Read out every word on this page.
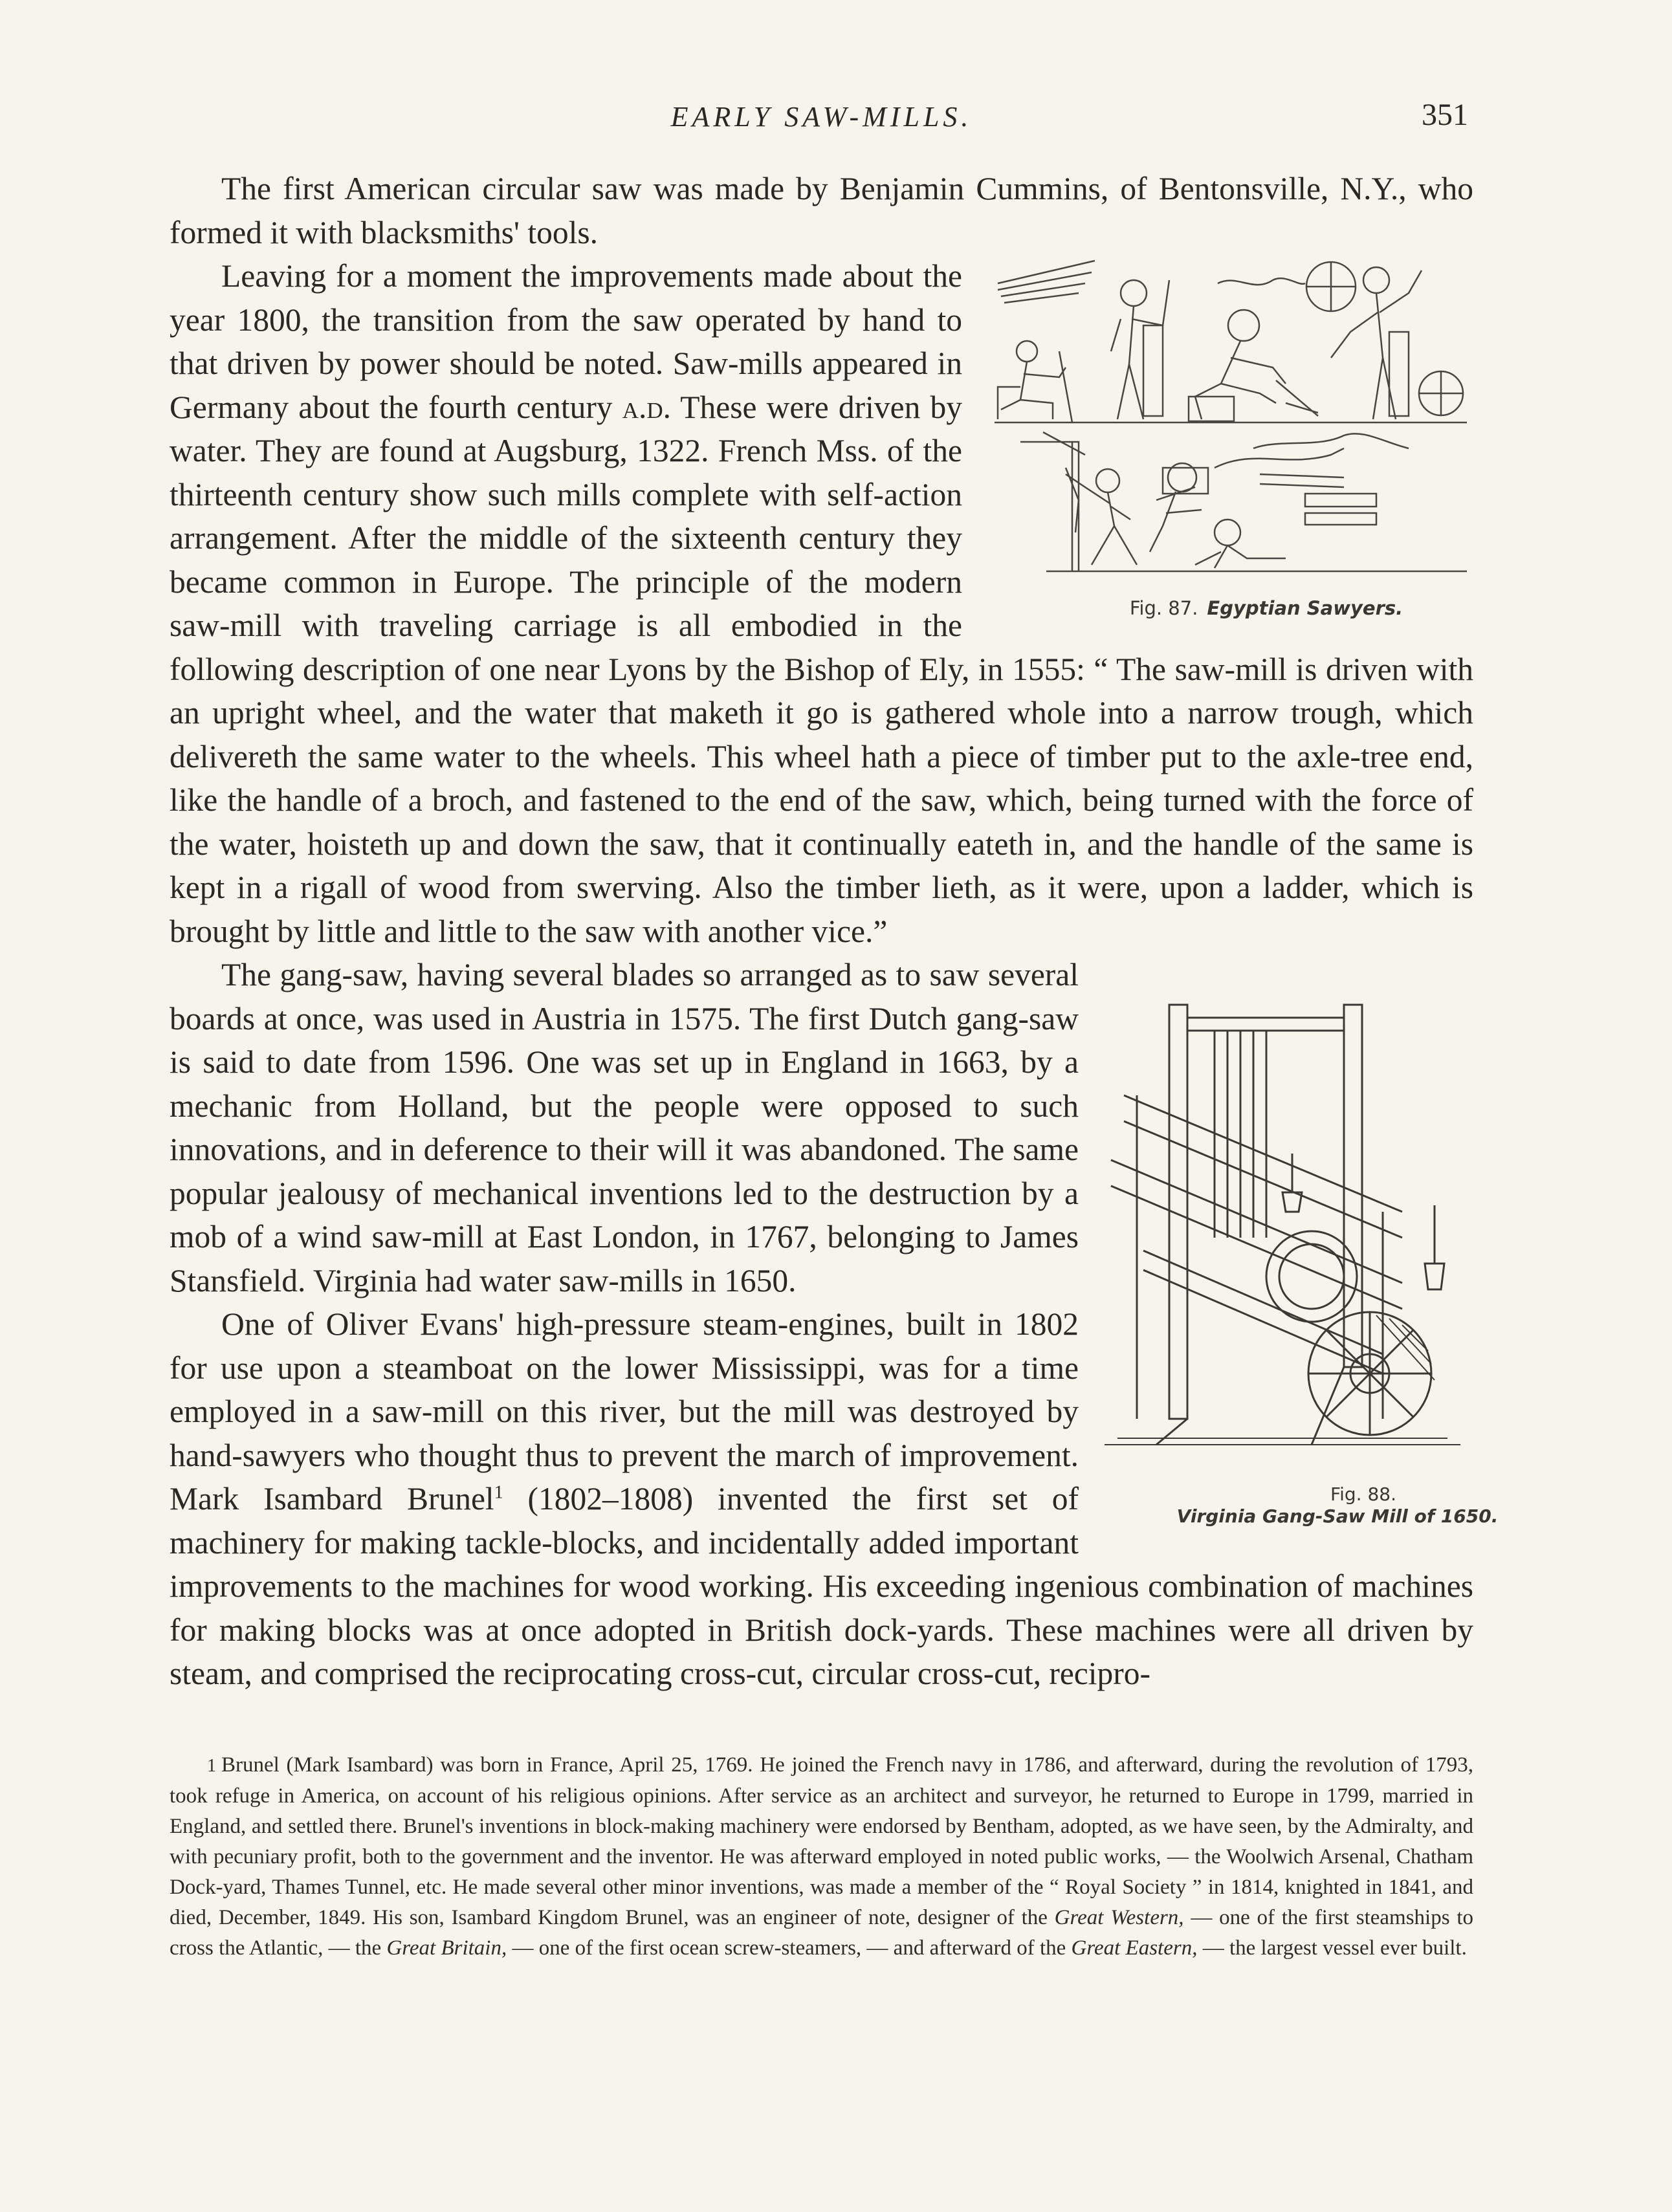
EARLY SAW-MILLS.	351

The first American circular saw was made by Benjamin Cummins, of Bentonsville, N.Y., who formed it with blacksmiths' tools.

Fig. 87. Egyptian Sawyers.
Leaving for a moment the improvements made about the year 1800, the transition from the saw operated by hand to that driven by power should be noted. Saw-mills appeared in Germany about the fourth century a.d. These were driven by water. They are found at Augsburg, 1322. French Mss. of the thirteenth century show such mills complete with self-action arrangement. After the middle of the sixteenth century they became common in Europe. The principle of the modern saw-mill with traveling carriage is all embodied in the following description of one near Lyons by the Bishop of Ely, in 1555: “ The saw-mill is driven with an upright wheel, and the water that maketh it go is gathered whole into a narrow trough, which delivereth the same water to the wheels. This wheel hath a piece of timber put to the axle-tree end, like the handle of a broch, and fastened to the end of the saw, which, being turned with the force of the water, hoisteth up and down the saw, that it continually eateth in, and the handle of the same is kept in a rigall of wood from swerving. Also the timber lieth, as it were, upon a ladder, which is brought by little and little to the saw with another vice.”

Fig. 88.
Virginia Gang-Saw Mill of 1650.
The gang-saw, having several blades so arranged as to saw several boards at once, was used in Austria in 1575. The first Dutch gang-saw is said to date from 1596. One was set up in England in 1663, by a mechanic from Holland, but the people were opposed to such innovations, and in deference to their will it was abandoned. The same popular jealousy of mechanical inventions led to the destruction by a mob of a wind saw-mill at East London, in 1767, belonging to James Stansfield. Virginia had water saw-mills in 1650.

One of Oliver Evans' high-pressure steam-engines, built in 1802 for use upon a steamboat on the lower Mississippi, was for a time employed in a saw-mill on this river, but the mill was destroyed by hand-sawyers who thought thus to prevent the march of improvement. Mark Isambard Brunel$^1$ (1802–1808) invented the first set of machinery for making tackle-blocks, and incidentally added important improvements to the machines for wood working. His exceeding ingenious combination of machines for making blocks was at once adopted in British dock-yards. These machines were all driven by steam, and comprised the reciprocating cross-cut, circular cross-cut, recipro-

1 Brunel (Mark Isambard) was born in France, April 25, 1769. He joined the French navy in 1786, and afterward, during the revolution of 1793, took refuge in America, on account of his religious opinions. After service as an architect and surveyor, he returned to Europe in 1799, married in England, and settled there. Brunel's inventions in block-making machinery were endorsed by Bentham, adopted, as we have seen, by the Admiralty, and with pecuniary profit, both to the government and the inventor. He was afterward employed in noted public works, — the Woolwich Arsenal, Chatham Dock-yard, Thames Tunnel, etc. He made several other minor inventions, was made a member of the “ Royal Society ” in 1814, knighted in 1841, and died, December, 1849. His son, Isambard Kingdom Brunel, was an engineer of note, designer of the Great Western, — one of the first steamships to cross the Atlantic, — the Great Britain, — one of the first ocean screw-steamers, — and afterward of the Great Eastern, — the largest vessel ever built.
